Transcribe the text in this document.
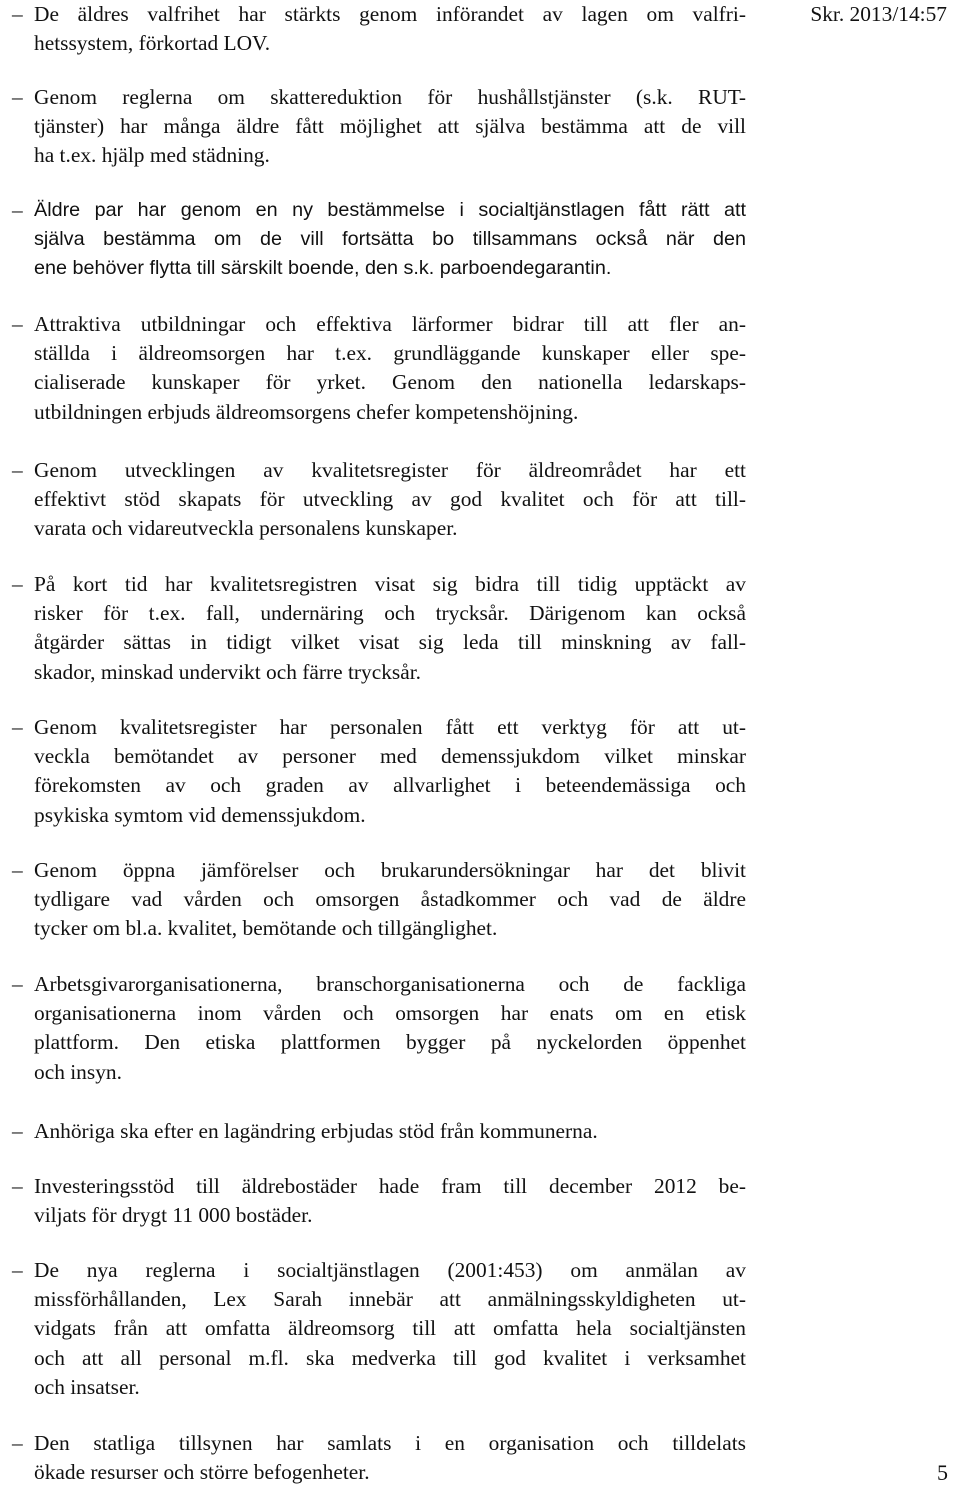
– De äldres valfrihet har stärkts genom införandet av lagen om valfri-
hetssystem, förkortad LOV.
Skr. 2013/14:57
– Genom reglerna om skattereduktion för hushållstjänster (s.k. RUT-
tjänster) har många äldre fått möjlighet att själva bestämma att de vill
ha t.ex. hjälp med städning.
– Äldre par har genom en ny bestämmelse i socialtjänstlagen fått rätt att
själva bestämma om de vill fortsätta bo tillsammans också när den
ene behöver flytta till särskilt boende, den s.k. parboendegarantin.
– Attraktiva utbildningar och effektiva lärformer bidrar till att fler an-
ställda i äldreomsorgen har t.ex. grundläggande kunskaper eller spe-
cialiserade kunskaper för yrket. Genom den nationella ledarskaps-
utbildningen erbjuds äldreomsorgens chefer kompetenshöjning.
– Genom utvecklingen av kvalitetsregister för äldreområdet har ett
effektivt stöd skapats för utveckling av god kvalitet och för att till-
varata och vidareutveckla personalens kunskaper.
– På kort tid har kvalitetsregistren visat sig bidra till tidig upptäckt av
risker för t.ex. fall, undernäring och trycksår. Därigenom kan också
åtgärder sättas in tidigt vilket visat sig leda till minskning av fall-
skador, minskad undervikt och färre trycksår.
– Genom kvalitetsregister har personalen fått ett verktyg för att ut-
veckla bemötandet av personer med demenssjukdom vilket minskar
förekomsten av och graden av allvarlighet i beteendemässiga och
psykiska symtom vid demenssjukdom.
– Genom öppna jämförelser och brukarundersökningar har det blivit
tydligare vad vården och omsorgen åstadkommer och vad de äldre
tycker om bl.a. kvalitet, bemötande och tillgänglighet.
– Arbetsgivarorganisationerna, branschorganisationerna och de fackliga
organisationerna inom vården och omsorgen har enats om en etisk
plattform. Den etiska plattformen bygger på nyckelorden öppenhet
och insyn.
– Anhöriga ska efter en lagändring erbjudas stöd från kommunerna.
– Investeringsstöd till äldrebostäder hade fram till december 2012 be-
viljats för drygt 11 000 bostäder.
– De nya reglerna i socialtjänstlagen (2001:453) om anmälan av
missförhållanden, Lex Sarah innebär att anmälningsskyldigheten ut-
vidgats från att omfatta äldreomsorg till att omfatta hela socialtjänsten
och att all personal m.fl. ska medverka till god kvalitet i verksamhet
och insatser.
– Den statliga tillsynen har samlats i en organisation och tilldelats
ökade resurser och större befogenheter.	5
